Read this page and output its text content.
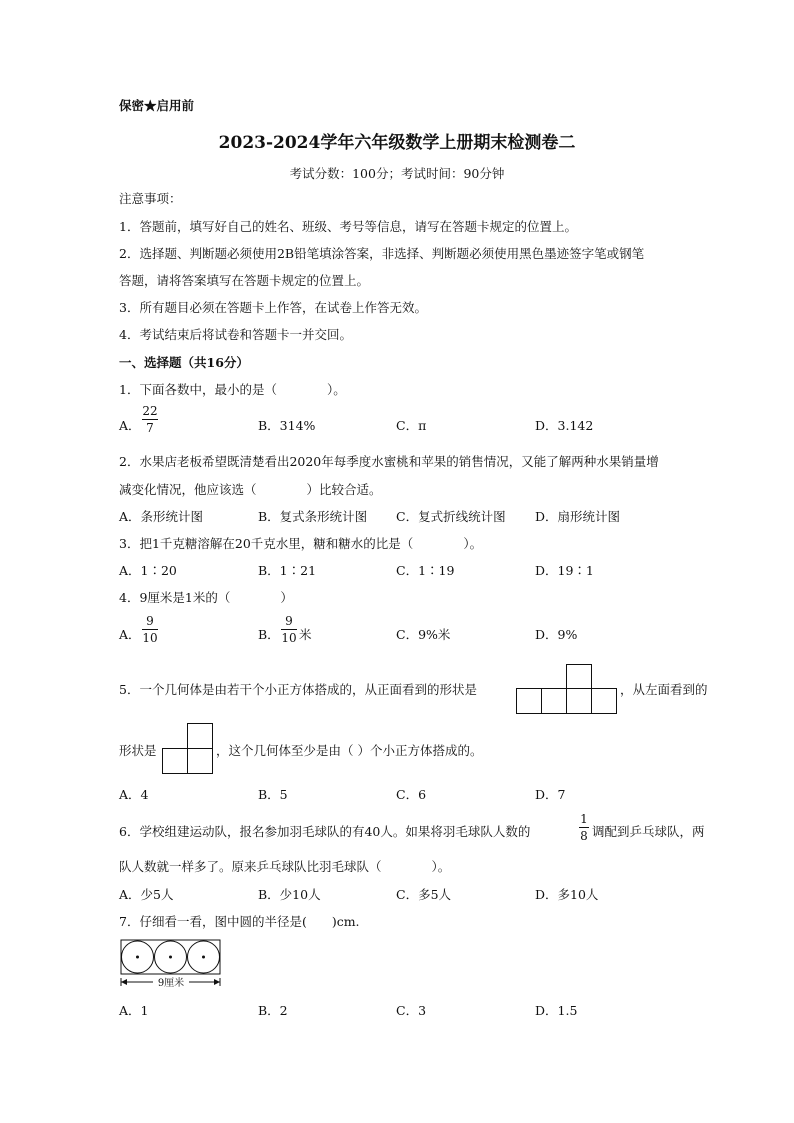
保密★启用前
2023-2024学年六年级数学上册期末检测卷二
考试分数：100分；考试时间：90分钟
注意事项：
1．答题前，填写好自己的姓名、班级、考号等信息，请写在答题卡规定的位置上。
2．选择题、判断题必须使用2B铅笔填涂答案，非选择、判断题必须使用黑色墨迹签字笔或钢笔
答题，请将答案填写在答题卡规定的位置上。
3．所有题目必须在答题卡上作答，在试卷上作答无效。
4．考试结束后将试卷和答题卡一并交回。
一、选择题（共16分）
1．下面各数中，最小的是（　　　　）。
A．
22
7	B．314%	C．π	D．3.142
2．水果店老板希望既清楚看出2020年每季度水蜜桃和苹果的销售情况，又能了解两种水果销量增
减变化情况，他应该选（　　　　）比较合适。
A．条形统计图	B．复式条形统计图 C．复式折线统计图 D．扇形统计图
3．把1千克糖溶解在20千克水里，糖和糖水的比是（　　　　）。
A．1∶20	B．1∶21	C．1∶19	D．19∶1
4．9厘米是1米的（　　　　）
A．
9
10	B．
9
10 米	C．9%米	D．9%
5．一个几何体是由若干个小正方体搭成的，从正面看到的形状是	，从左面看到的
形状是	，这个几何体至少是由（ ）个小正方体搭成的。
A．4	B．5	C．6	D．7
6．学校组建运动队，报名参加羽毛球队的有40人。如果将羽毛球队人数的
1
8 调配到乒乓球队，两
队人数就一样多了。原来乒乓球队比羽毛球队（　　　　）。
A．少5人	B．少10人	C．多5人	D．多10人
7．仔细看一看，图中圆的半径是(　　)cm.
9厘米
A．1	B．2	C．3	D．1.5
